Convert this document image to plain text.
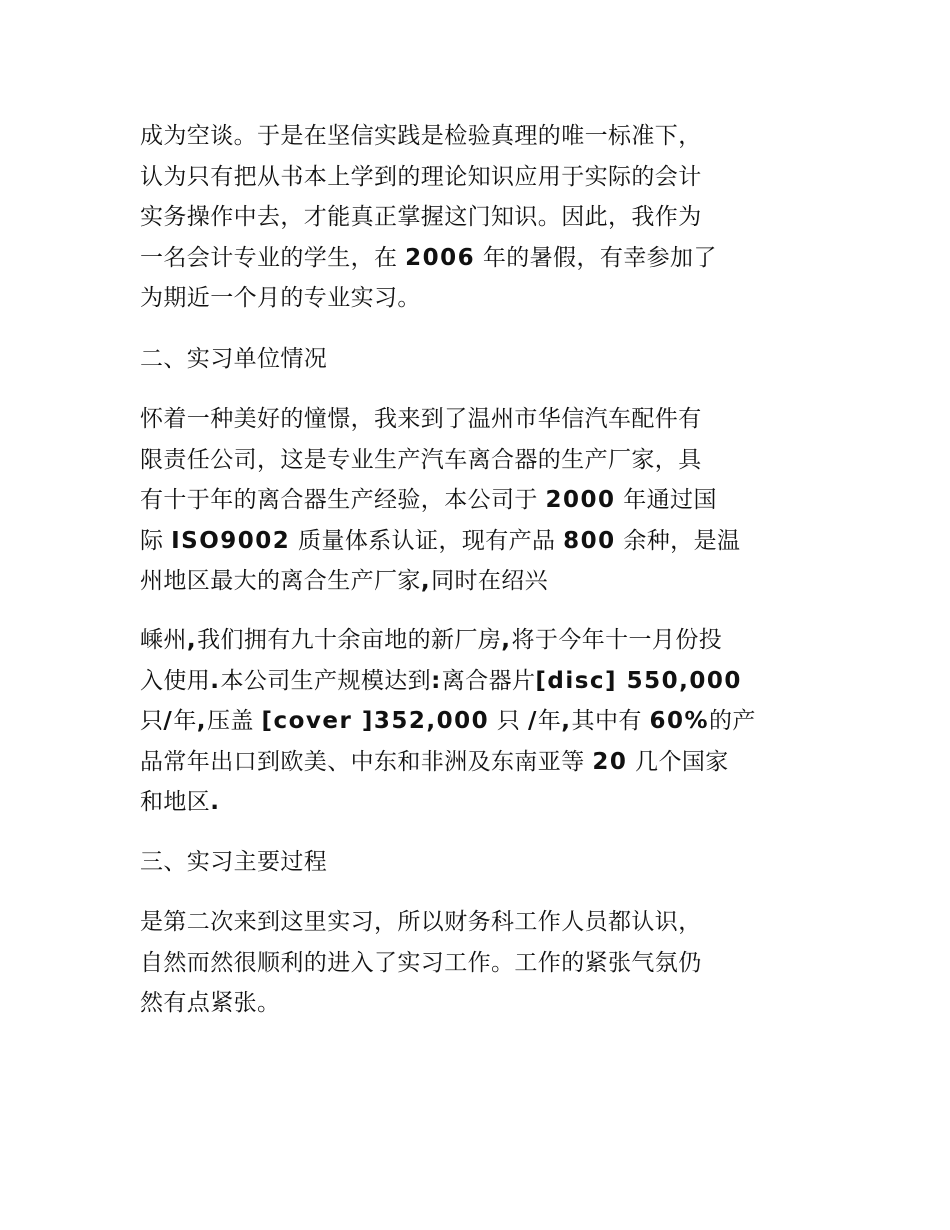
成为空谈。于是在坚信实践是检验真理的唯一标准下，
认为只有把从书本上学到的理论知识应用于实际的会计
实务操作中去，才能真正掌握这门知识。因此，我作为
一名会计专业的学生，在 2006 年的暑假，有幸参加了
为期近一个月的专业实习。
二、实习单位情况
怀着一种美好的憧憬，我来到了温州市华信汽车配件有
限责任公司，这是专业生产汽车离合器的生产厂家，具
有十于年的离合器生产经验，本公司于 2000 年通过国
际 ISO9002 质量体系认证，现有产品 800 余种，是温
州地区最大的离合生产厂家,同时在绍兴
嵊州,我们拥有九十余亩地的新厂房,将于今年十一月份投
入使用.本公司生产规模达到:离合器片[disc] 550,000
只/年,压盖 [cover ]352,000 只 /年,其中有 60%的产
品常年出口到欧美、中东和非洲及东南亚等 20 几个国家
和地区.
三、实习主要过程
是第二次来到这里实习，所以财务科工作人员都认识，
自然而然很顺利的进入了实习工作。工作的紧张气氛仍
然有点紧张。
